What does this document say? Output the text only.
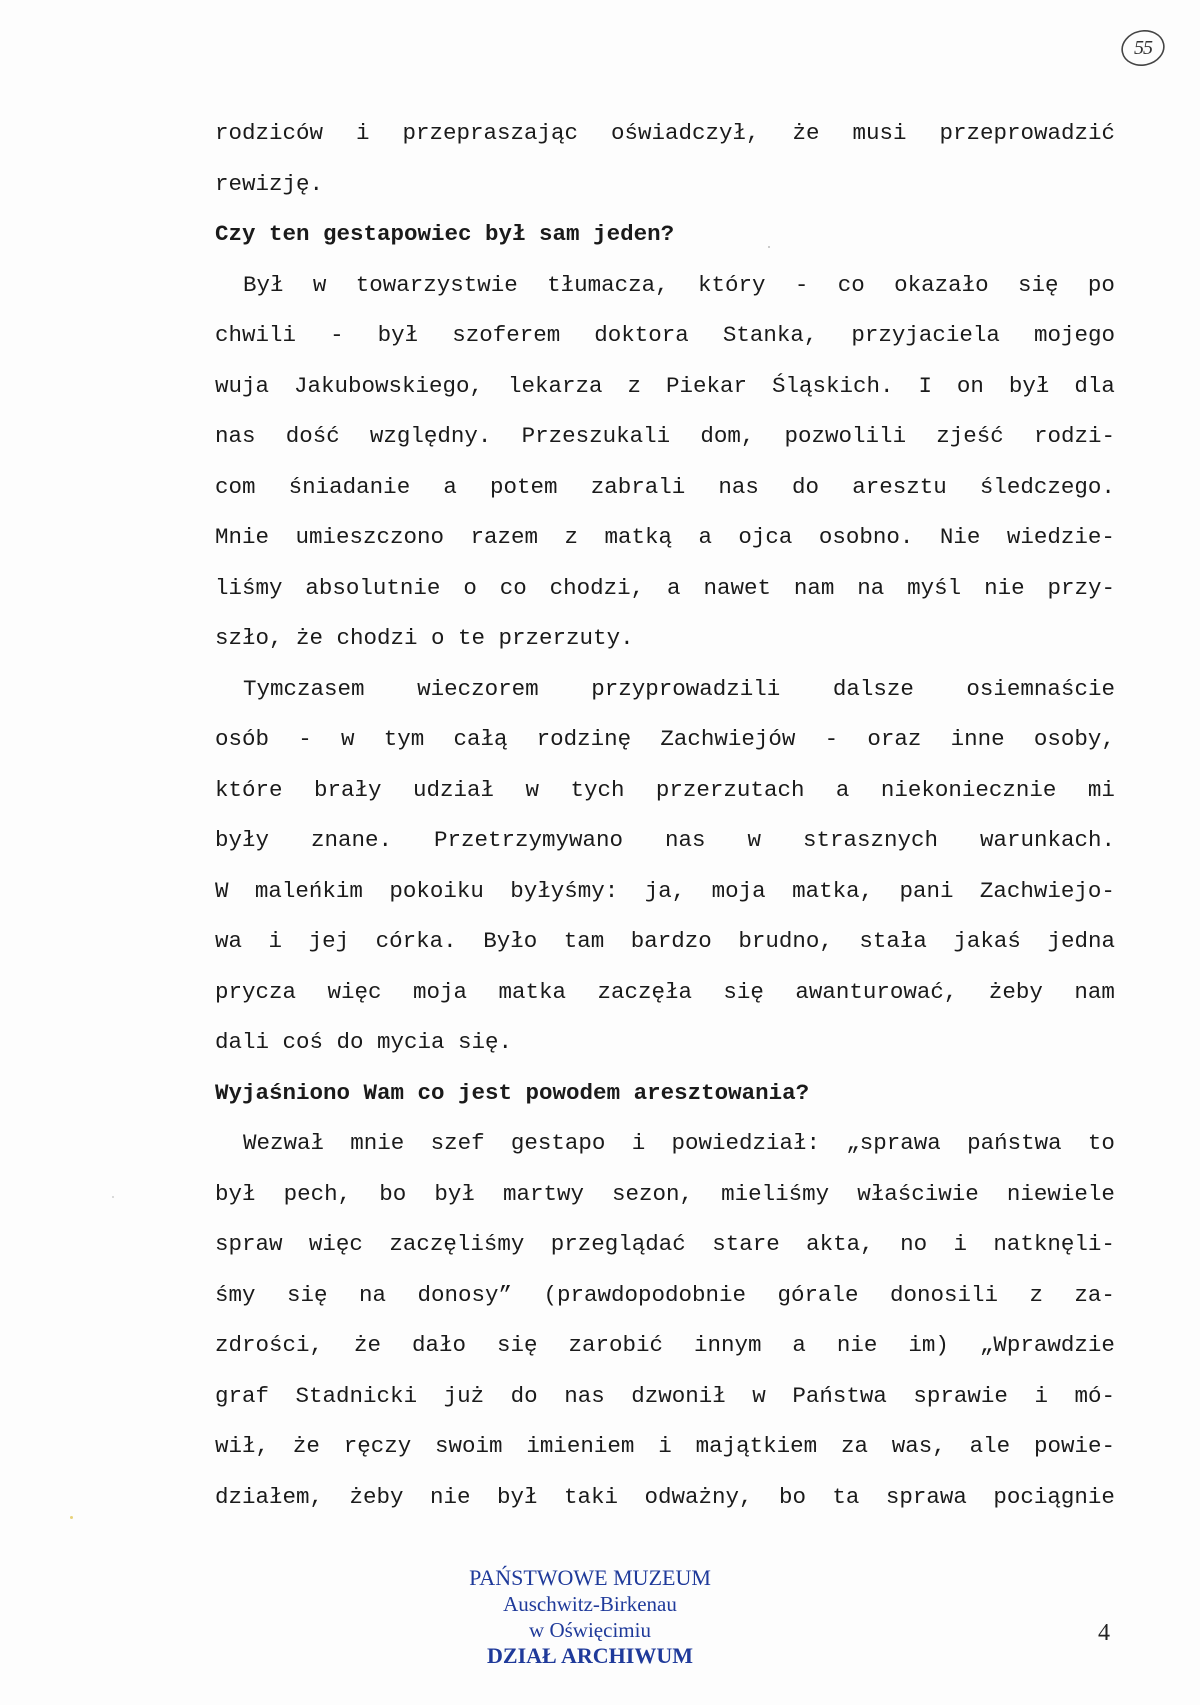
55
rodziców i przepraszając oświadczył, że musi przeprowadzić
rewizję.
Czy ten gestapowiec był sam jeden?
Był w towarzystwie tłumacza, który - co okazało się po
chwili - był szoferem doktora Stanka, przyjaciela mojego
wuja Jakubowskiego, lekarza z Piekar Śląskich. I on był dla
nas dość względny. Przeszukali dom, pozwolili zjeść rodzi-
com śniadanie a potem zabrali nas do aresztu śledczego.
Mnie umieszczono razem z matką a ojca osobno. Nie wiedzie-
liśmy absolutnie o co chodzi, a nawet nam na myśl nie przy-
szło, że chodzi o te przerzuty.
Tymczasem wieczorem przyprowadzili dalsze osiemnaście
osób - w tym całą rodzinę Zachwiejów - oraz inne osoby,
które brały udział w tych przerzutach a niekoniecznie mi
były znane. Przetrzymywano nas w strasznych warunkach.
W maleńkim pokoiku byłyśmy: ja, moja matka, pani Zachwiejo-
wa i jej córka. Było tam bardzo brudno, stała jakaś jedna
prycza więc moja matka zaczęła się awanturować, żeby nam
dali coś do mycia się.
Wyjaśniono Wam co jest powodem aresztowania?
Wezwał mnie szef gestapo i powiedział: „sprawa państwa to
był pech, bo był martwy sezon, mieliśmy właściwie niewiele
spraw więc zaczęliśmy przeglądać stare akta, no i natknęli-
śmy się na donosy” (prawdopodobnie górale donosili z za-
zdrości, że dało się zarobić innym a nie im) „Wprawdzie
graf Stadnicki już do nas dzwonił w Państwa sprawie i mó-
wił, że ręczy swoim imieniem i majątkiem za was, ale powie-
działem, żeby nie był taki odważny, bo ta sprawa pociągnie
PAŃSTWOWE MUZEUM
Auschwitz-Birkenau
w Oświęcimiu
DZIAŁ ARCHIWUM
4
